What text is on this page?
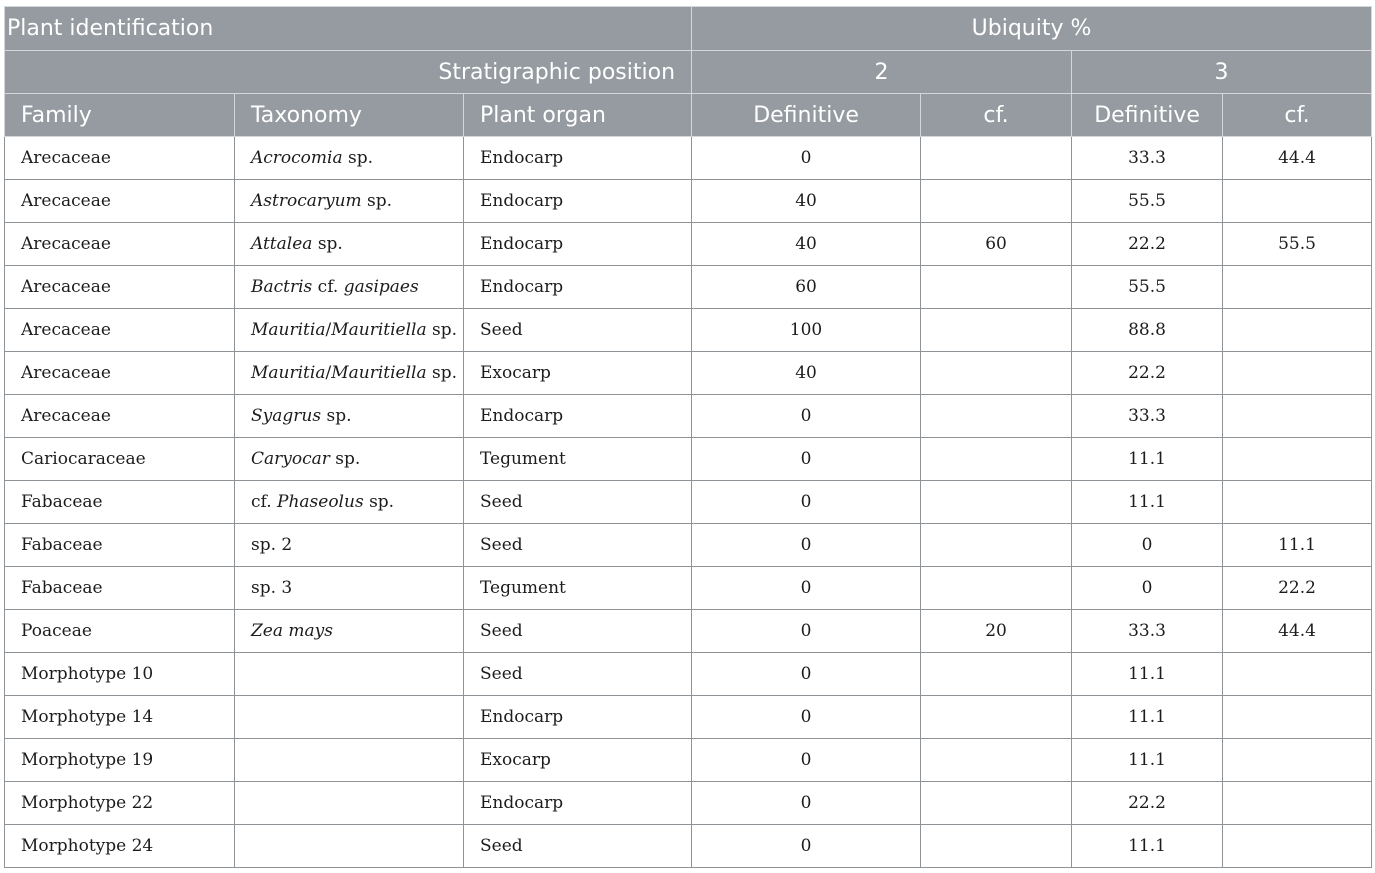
Plant identification			Ubiquity %			
Stratigraphic position			2		3	
Family	Taxonomy	Plant organ	Definitive	cf.	Definitive	cf.
Arecaceae	Acrocomia sp.	Endocarp	0		33.3	44.4
Arecaceae	Astrocaryum sp.	Endocarp	40		55.5	
Arecaceae	Attalea sp.	Endocarp	40	60	22.2	55.5
Arecaceae	Bactris cf. gasipaes	Endocarp	60		55.5	
Arecaceae	Mauritia/Mauritiella sp.	Seed	100		88.8	
Arecaceae	Mauritia/Mauritiella sp.	Exocarp	40		22.2	
Arecaceae	Syagrus sp.	Endocarp	0		33.3	
Cariocaraceae	Caryocar sp.	Tegument	0		11.1	
Fabaceae	cf. Phaseolus sp.	Seed	0		11.1	
Fabaceae	sp. 2	Seed	0		0	11.1
Fabaceae	sp. 3	Tegument	0		0	22.2
Poaceae	Zea mays	Seed	0	20	33.3	44.4
Morphotype 10		Seed	0		11.1	
Morphotype 14		Endocarp	0		11.1	
Morphotype 19		Exocarp	0		11.1	
Morphotype 22		Endocarp	0		22.2	
Morphotype 24		Seed	0		11.1	
